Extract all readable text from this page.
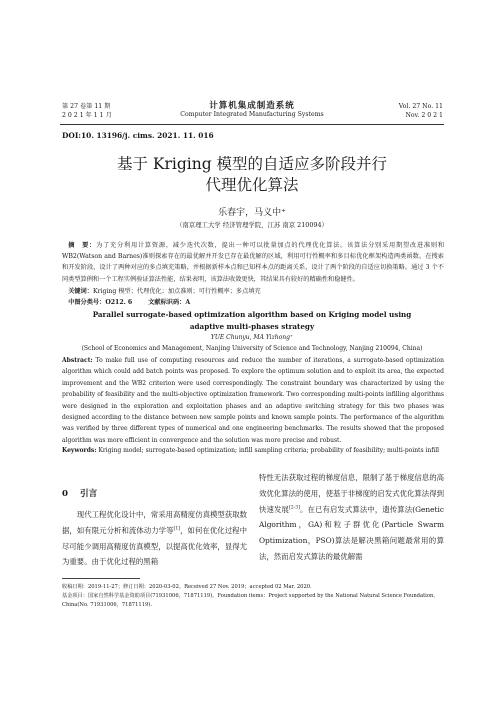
第 27 卷第 11 期
2 0 2 1 年 1 1 月
计算机集成制造系统
Computer Integrated Manufacturing Systems
Vol. 27 No. 11
Nov. 2 0 2 1
DOI:10. 13196/j. cims. 2021. 11. 016
基于 Kriging 模型的自适应多阶段并行
代理优化算法
乐春宇，马义中⁺
（南京理工大学 经济管理学院，江苏 南京 210094）
摘　要：为了充分利用计算资源，减少迭代次数，提出一种可以批量加点的代理优化算法。该算法分别采用期望改进准则和 WB2(Watson and Barnes)准则探索存在的最优解并开发已存在最优解的区域，利用可行性概率和多目标优化框架构造两类函数。在搜索和开发阶段，设计了两种对应的多点填充策略，并根据新样本点和已知样本点的距离关系，设计了两个阶段的自适应切换策略。通过 3 个不同类型算例和一个工程实例验证算法性能，结果表明，该算法收敛更快，其结果具有较好的精确性和稳健性。
关键词：Kriging 模型；代理优化；加点准则；可行性概率；多点填充
中图分类号：O212. 6	文献标识码：A
Parallel surrogate-based optimization algorithm based on Kriging model using
adaptive multi-phases strategy
YUE Chunyu, MA Yizhong⁺
(School of Economics and Management, Nanjing University of Science and Technology, Nanjing 210094, China)
Abstract: To make full use of computing resources and reduce the number of iterations, a surrogate-based optimization algorithm which could add batch points was proposed. To explore the optimum solution and to exploit its area, the expected improvement and the WB2 criterion were used correspondingly. The constraint boundary was characterized by using the probability of feasibility and the multi-objective optimization framework. Two corresponding multi-points infilling algorithms were designed in the exploration and exploitation phases and an adaptive switching strategy for this two phases was designed according to the distance between new sample points and known sample points. The performance of the algorithm was verified by three different types of numerical and one engineering benchmarks. The results showed that the proposed algorithm was more efficient in convergence and the solution was more precise and robust.
Keywords: Kriging model; surrogate-based optimization; infill sampling criteria; probability of feasibility; multi-points infill
0 引言
现代工程优化设计中，常采用高精度仿真模型获取数据，如有限元分析和流体动力学等[1]，如何在优化过程中尽可能少调用高精度仿真模型，以提高优化效率，显得尤为重要。由于优化过程的黑箱
特性无法获取过程的梯度信息，限制了基于梯度信息的高效优化算法的使用，使基于非梯度的启发式优化算法得到快速发展[2-3]。在已有启发式算法中，遗传算法(Genetic Algorithm，GA)和粒子群优化(Particle Swarm Optimization，PSO)算法是解决黑箱问题最常用的算法，然而启发式算法的最优解需
收稿日期：2019-11-27；修订日期：2020-03-02。Received 27 Nov. 2019；accepted 02 Mar. 2020.
基金项目：国家自然科学基金资助项目(71931006，71871119)。Foundation items：Project supported by the National Natural Science Foundation，China(No. 71931006，71871119).
